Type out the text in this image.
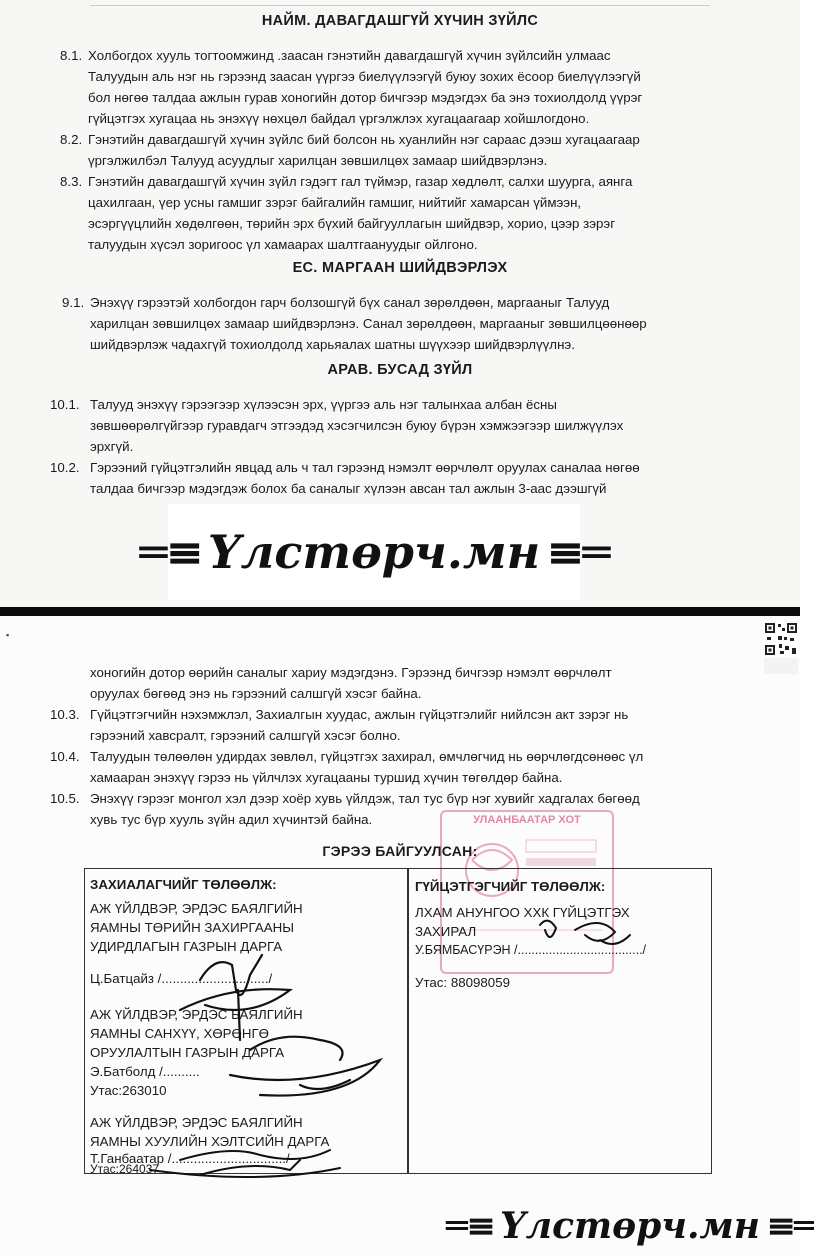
НАЙМ. ДАВАГДАШГҮЙ ХҮЧИН ЗҮЙЛС
8.1. Холбогдох хууль тогтоомжинд .заасан гэнэтийн давагдашгүй хүчин зүйлсийн улмаас
Талуудын аль нэг нь гэрээнд заасан үүргээ биелүүлээгүй буюу зохих ёсоор биелүүлээгүй
бол нөгөө талдаа ажлын гурав хоногийн дотор бичгээр мэдэгдэх ба энэ тохиолдолд үүрэг
гүйцэтгэх хугацаа нь энэхүү нөхцөл байдал үргэлжлэх хугацаагаар хойшлогдоно.
8.2. Гэнэтийн давагдашгүй хүчин зүйлс бий болсон нь хуанлийн нэг сараас дээш хугацаагаар
үргэлжилбэл Талууд асуудлыг харилцан зөвшилцөх замаар шийдвэрлэнэ.
8.3. Гэнэтийн давагдашгүй хүчин зүйл гэдэгт гал түймэр, газар хөдлөлт, салхи шуурга, аянга
цахилгаан, үер усны гамшиг зэрэг байгалийн гамшиг, нийтийг хамарсан үймээн,
эсэргүүцлийн хөдөлгөөн, төрийн эрх бүхий байгууллагын шийдвэр, хорио, цээр зэрэг
талуудын хүсэл зоригоос үл хамаарах шалтгаануудыг ойлгоно.
ЕС. МАРГААН ШИЙДВЭРЛЭХ
9.1. Энэхүү гэрээтэй холбогдон гарч болзошгүй бүх санал зөрөлдөөн, маргааныг Талууд
харилцан зөвшилцөх замаар шийдвэрлэнэ. Санал зөрөлдөөн, маргааныг зөвшилцөөнөөр
шийдвэрлэж чадахгүй тохиолдолд харьяалах шатны шүүхээр шийдвэрлүүлнэ.
АРАВ. БУСАД ЗҮЙЛ
10.1. Талууд энэхүү гэрээгээр хүлээсэн эрх, үүргээ аль нэг талынхаа албан ёсны
зөвшөөрөлгүйгээр гуравдагч этгээдэд хэсэгчилсэн буюу бүрэн хэмжээгээр шилжүүлэх
эрхгүй.
10.2. Гэрээний гүйцэтгэлийн явцад аль ч тал гэрээнд нэмэлт өөрчлөлт оруулах саналаа нөгөө
талдаа бичгээр мэдэгдэж болох ба саналыг хүлээн авсан тал ажлын 3-аас дээшгүй
═≡ Үлстөрч.мн ≡═
▪
хоногийн дотор өөрийн саналыг хариу мэдэгдэнэ. Гэрээнд бичгээр нэмэлт өөрчлөлт
оруулах бөгөөд энэ нь гэрээний салшгүй хэсэг байна.
10.3. Гүйцэтгэгчийн нэхэмжлэл, Захиалгын хуудас, ажлын гүйцэтгэлийг нийлсэн акт зэрэг нь
гэрээний хавсралт, гэрээний салшгүй хэсэг болно.
10.4. Талуудын төлөөлөн удирдах зөвлөл, гүйцэтгэх захирал, өмчлөгчид нь өөрчлөгдсөнөөс үл
хамааран энэхүү гэрээ нь үйлчлэх хугацааны туршид хүчин төгөлдөр байна.
10.5. Энэхүү гэрээг монгол хэл дээр хоёр хувь үйлдэж, тал тус бүр нэг хувийг хадгалах бөгөөд
хувь тус бүр хууль зүйн адил хүчинтэй байна.	УЛААНБААТАР ХОТ
ГЭРЭЭ БАЙГУУЛСАН:
ЗАХИАЛАГЧИЙГ ТӨЛӨӨЛЖ:
АЖ ҮЙЛДВЭР, ЭРДЭС БАЯЛГИЙН
ЯАМНЫ ТӨРИЙН ЗАХИРГААНЫ
УДИРДЛАГЫН ГАЗРЫН ДАРГА
Ц.Батцайз /............................./
АЖ ҮЙЛДВЭР, ЭРДЭС БАЯЛГИЙН
ЯАМНЫ САНХҮҮ, ХӨРӨНГӨ
ОРУУЛАЛТЫН ГАЗРЫН ДАРГА
Э.Батболд /..........
Утас:263010
АЖ ҮЙЛДВЭР, ЭРДЭС БАЯЛГИЙН
ЯАМНЫ ХУУЛИЙН ХЭЛТСИЙН ДАРГА
Т.Ганбаатар /.............................../
Утас:264037
ГҮЙЦЭТГЭГЧИЙГ ТӨЛӨӨЛЖ:
ЛХАМ АНУНГОО ХХК ГҮЙЦЭТГЭХ
ЗАХИРАЛ
У.БЯМБАСҮРЭН /..................................../
Утас: 88098059
═≡ Үлстөрч.мн ≡═
